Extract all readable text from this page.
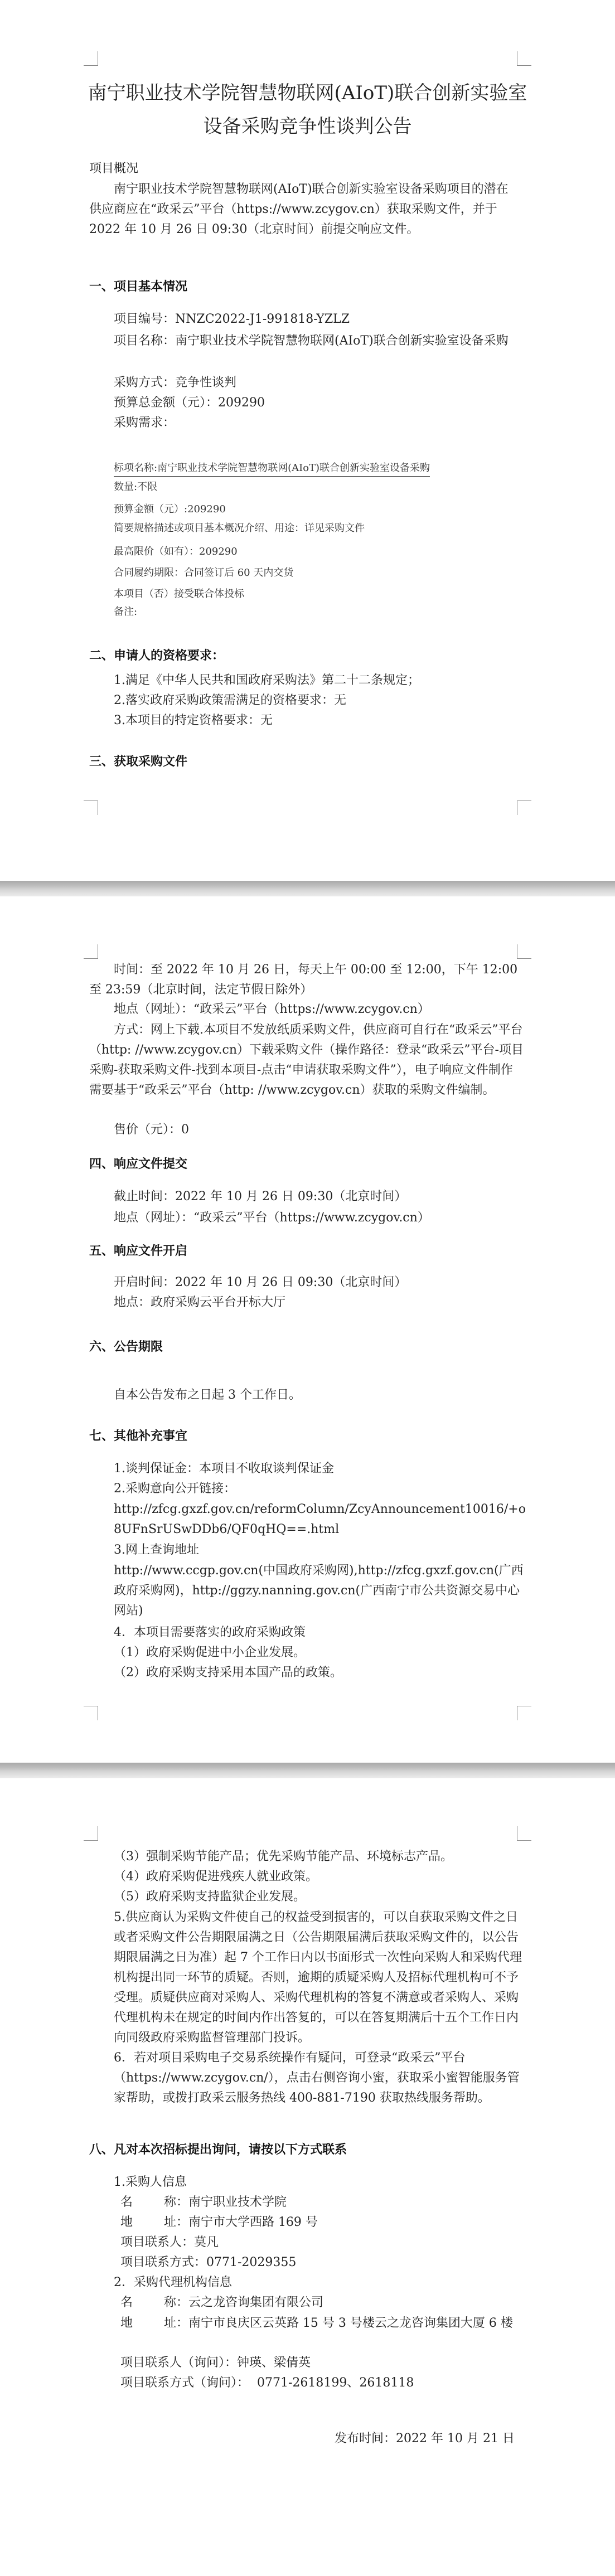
南宁职业技术学院智慧物联网(AIoT)联合创新实验室
设备采购竞争性谈判公告
项目概况
南宁职业技术学院智慧物联网(AIoT)联合创新实验室设备采购项目的潜在供应商应在“政采云”平台（https://www.zcygov.cn）获取采购文件，并于 2022 年 10 月 26 日 09:30（北京时间）前提交响应文件。
一、项目基本情况
项目编号：NNZC2022-J1-991818-YZLZ
项目名称：南宁职业技术学院智慧物联网(AIoT)联合创新实验室设备采购
采购方式：竞争性谈判
预算总金额（元）：209290
采购需求：
标项名称:南宁职业技术学院智慧物联网(AIoT)联合创新实验室设备采购
数量:不限
预算金额（元）:209290
简要规格描述或项目基本概况介绍、用途：详见采购文件
最高限价（如有）：209290
合同履约期限：合同签订后 60 天内交货
本项目（否）接受联合体投标
备注:
二、申请人的资格要求：
1.满足《中华人民共和国政府采购法》第二十二条规定；
2.落实政府采购政策需满足的资格要求：无
3.本项目的特定资格要求：无
三、获取采购文件
时间：至 2022 年 10 月 26 日，每天上午 00:00 至 12:00，下午 12:00 至 23:59（北京时间，法定节假日除外）
地点（网址）：“政采云”平台（https://www.zcygov.cn）
方式：网上下载.本项目不发放纸质采购文件，供应商可自行在“政采云”平台（http: //www.zcygov.cn）下载采购文件（操作路径：登录“政采云”平台-项目采购-获取采购文件-找到本项目-点击“申请获取采购文件”），电子响应文件制作需要基于“政采云”平台（http: //www.zcygov.cn）获取的采购文件编制。
售价（元）：0
四、响应文件提交
截止时间：2022 年 10 月 26 日 09:30（北京时间）
地点（网址）：“政采云”平台（https://www.zcygov.cn）
五、响应文件开启
开启时间：2022 年 10 月 26 日 09:30（北京时间）
地点：政府采购云平台开标大厅
六、公告期限
自本公告发布之日起 3 个工作日。
七、其他补充事宜
1.谈判保证金：本项目不收取谈判保证金
2.采购意向公开链接：
http://zfcg.gxzf.gov.cn/reformColumn/ZcyAnnouncement10016/+o8UFnSrUSwDDb6/QF0qHQ==.html
3.网上查询地址
http://www.ccgp.gov.cn(中国政府采购网),http://zfcg.gxzf.gov.cn(广西政府采购网)，http://ggzy.nanning.gov.cn(广西南宁市公共资源交易中心网站)
4．本项目需要落实的政府采购政策
（1）政府采购促进中小企业发展。
（2）政府采购支持采用本国产品的政策。
（3）强制采购节能产品；优先采购节能产品、环境标志产品。
（4）政府采购促进残疾人就业政策。
（5）政府采购支持监狱企业发展。
5.供应商认为采购文件使自己的权益受到损害的，可以自获取采购文件之日或者采购文件公告期限届满之日（公告期限届满后获取采购文件的，以公告期限届满之日为准）起 7 个工作日内以书面形式一次性向采购人和采购代理机构提出同一环节的质疑。否则，逾期的质疑采购人及招标代理机构可不予受理。质疑供应商对采购人、采购代理机构的答复不满意或者采购人、采购代理机构未在规定的时间内作出答复的，可以在答复期满后十五个工作日内向同级政府采购监督管理部门投诉。
6．若对项目采购电子交易系统操作有疑问，可登录“政采云”平台（https://www.zcygov.cn/），点击右侧咨询小蜜，获取采小蜜智能服务管家帮助，或拨打政采云服务热线 400-881-7190 获取热线服务帮助。
八、凡对本次招标提出询问，请按以下方式联系
1.采购人信息
名        称：南宁职业技术学院
地        址：南宁市大学西路 169 号
项目联系人：莫凡
项目联系方式：0771-2029355
2．采购代理机构信息
名        称：云之龙咨询集团有限公司
地        址：南宁市良庆区云英路 15 号 3 号楼云之龙咨询集团大厦 6 楼
项目联系人（询问）：钟瑛、梁倩英
项目联系方式（询问）：  0771-2618199、2618118
发布时间：2022 年 10 月 21 日
